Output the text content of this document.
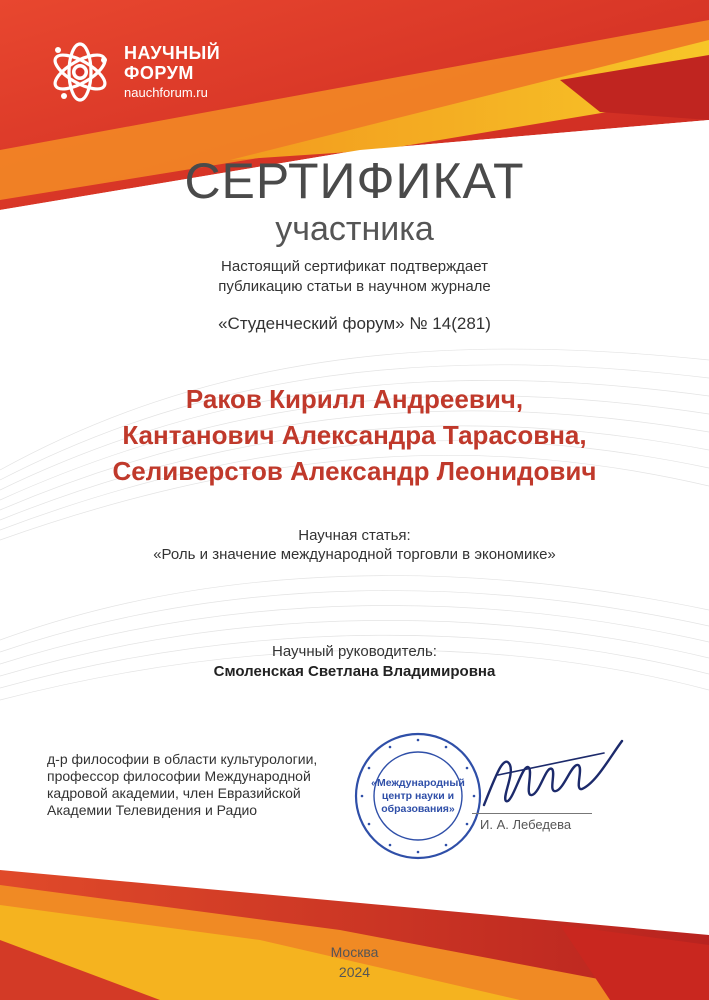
НАУЧНЫЙ
ФОРУМ
nauchforum.ru
СЕРТИФИКАТ
участника
Настоящий сертификат подтверждает
публикацию статьи в научном журнале
«Студенческий форум» № 14(281)
Раков Кирилл Андреевич,
Кантанович Александра Тарасовна,
Селиверстов Александр Леонидович
Научная статья:
«Роль и значение международной торговли в экономике»
Научный руководитель:
Смоленская Светлана Владимировна
д-р философии в области культурологии,
профессор философии Международной
кадровой академии, член Евразийской
Академии Телевидения и Радио
«Международный
центр науки и
образования»
И. А. Лебедева
Москва
2024
